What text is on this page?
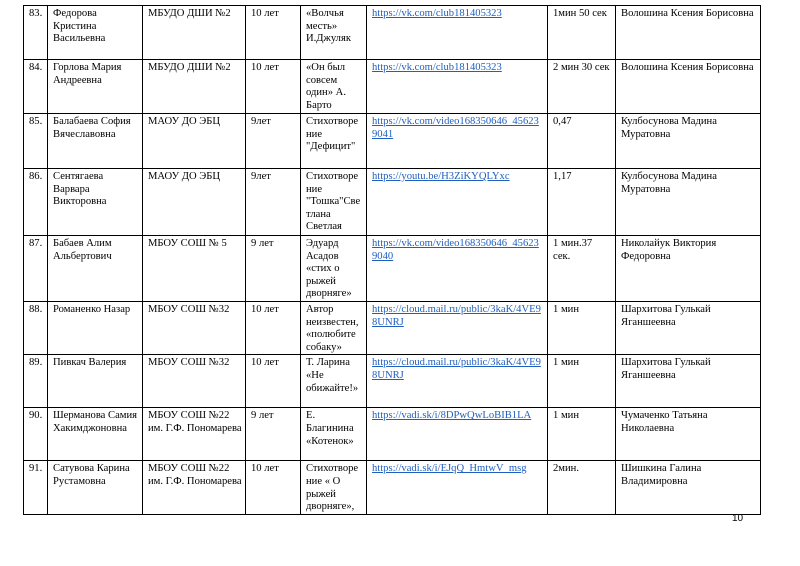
83.	Федорова Кристина Васильевна	МБУДО ДШИ №2	10 лет	«Волчья месть» И.Джуляк	https://vk.com/club181405323	1мин 50 сек	Волошина Ксения Борисовна
84.	Горлова Мария Андреевна	МБУДО ДШИ №2	10 лет	«Он был совсем один» А. Барто	https://vk.com/club181405323	2 мин 30 сек	Волошина Ксения Борисовна
85.	Балабаева София Вячеславовна	МАОУ ДО ЭБЦ	9лет	Стихотворение "Дефицит"	https://vk.com/video168350646_456239041	0,47	Кулбосунова Мадина Муратовна
86.	Сентягаева Варвара Викторовна	МАОУ ДО ЭБЦ	9лет	Стихотворение "Тошка"Светлана Светлая	https://youtu.be/H3ZiKYQLYxc	1,17	Кулбосунова Мадина Муратовна
87.	Бабаев Алим Альбертович	МБОУ СОШ № 5	9 лет	Эдуард Асадов «стих о рыжей дворняге»	https://vk.com/video168350646_456239040	1 мин.37 сек.	Николайук Виктория Федоровна
88.	Романенко Назар	МБОУ СОШ №32	10 лет	Автор неизвестен, «полюбите собаку»	https://cloud.mail.ru/public/3kaK/4VE98UNRJ	1 мин	Шархитова Гулькай Яганшеевна
89.	Пивкач Валерия	МБОУ СОШ №32	10 лет	Т. Ларина «Не обижайте!»	https://cloud.mail.ru/public/3kaK/4VE98UNRJ	1 мин	Шархитова Гулькай Яганшеевна
90.	Шерманова Самия Хакимджоновна	МБОУ СОШ №22 им. Г.Ф. Пономарева	9 лет	Е. Благинина «Котенок»	https://vadi.sk/i/8DPwQwLoBIB1LA	1 мин	Чумаченко Татьяна Николаевна
91.	Сатувова Карина Рустамовна	МБОУ СОШ №22 им. Г.Ф. Пономарева	10 лет	Стихотворение « О рыжей дворняге»,	https://vadi.sk/i/EJqQ_HmtwV_msg	2мин.	Шишкина Галина Владимировна
10
